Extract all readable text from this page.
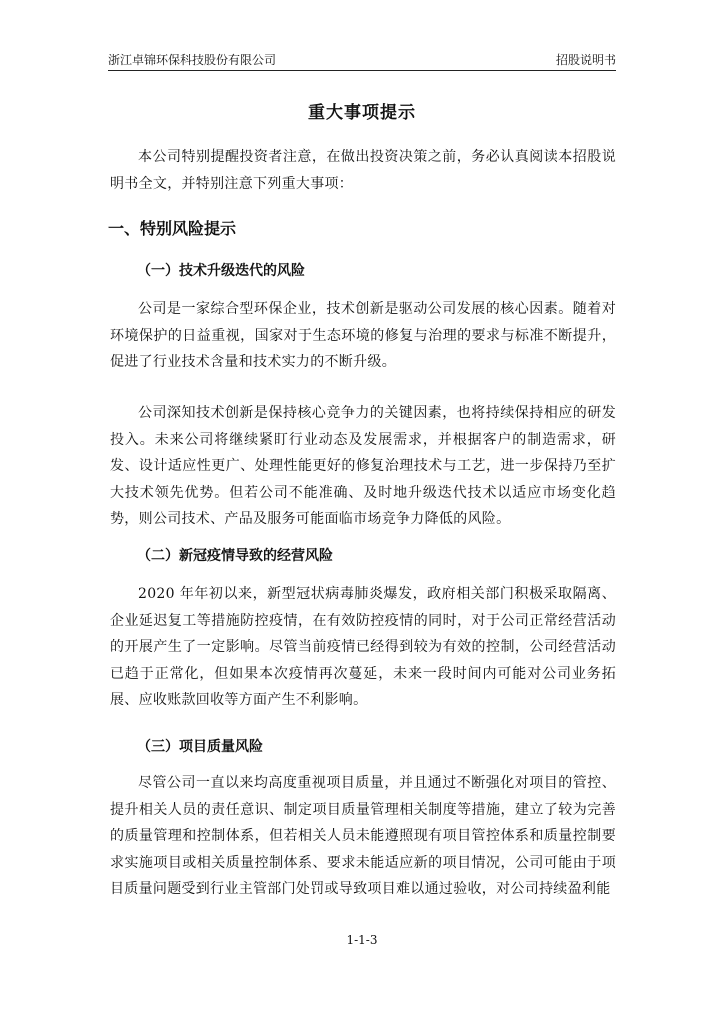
浙江卓锦环保科技股份有限公司	招股说明书
重大事项提示

本公司特别提醒投资者注意，在做出投资决策之前，务必认真阅读本招股说明书全文，并特别注意下列重大事项：

一、特别风险提示
（一）技术升级迭代的风险

公司是一家综合型环保企业，技术创新是驱动公司发展的核心因素。随着对环境保护的日益重视，国家对于生态环境的修复与治理的要求与标准不断提升，促进了行业技术含量和技术实力的不断升级。

公司深知技术创新是保持核心竞争力的关键因素，也将持续保持相应的研发投入。未来公司将继续紧盯行业动态及发展需求，并根据客户的制造需求，研发、设计适应性更广、处理性能更好的修复治理技术与工艺，进一步保持乃至扩大技术领先优势。但若公司不能准确、及时地升级迭代技术以适应市场变化趋势，则公司技术、产品及服务可能面临市场竞争力降低的风险。

（二）新冠疫情导致的经营风险

2020 年年初以来，新型冠状病毒肺炎爆发，政府相关部门积极采取隔离、企业延迟复工等措施防控疫情，在有效防控疫情的同时，对于公司正常经营活动的开展产生了一定影响。尽管当前疫情已经得到较为有效的控制，公司经营活动已趋于正常化，但如果本次疫情再次蔓延，未来一段时间内可能对公司业务拓展、应收账款回收等方面产生不利影响。

（三）项目质量风险

尽管公司一直以来均高度重视项目质量，并且通过不断强化对项目的管控、提升相关人员的责任意识、制定项目质量管理相关制度等措施，建立了较为完善的质量管理和控制体系，但若相关人员未能遵照现有项目管控体系和质量控制要求实施项目或相关质量控制体系、要求未能适应新的项目情况，公司可能由于项目质量问题受到行业主管部门处罚或导致项目难以通过验收，对公司持续盈利能

1-1-3
